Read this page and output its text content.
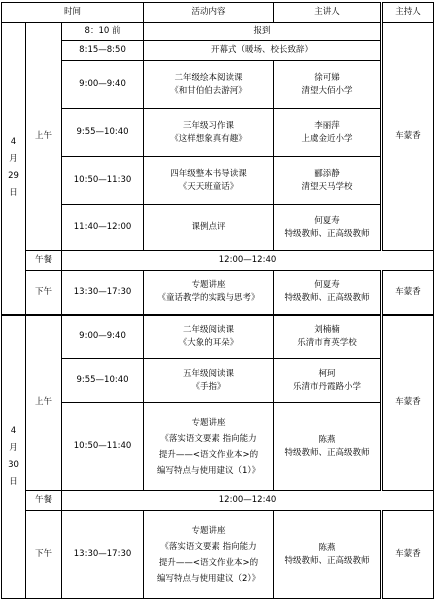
时间			活动内容	主讲人	主持人

4
月
29
日	上午	8：10 前	报到		车蒙香
		8:15—8:50	开幕式（暖场、校长致辞）		
		9:00—9:40	二年级绘本阅读课
《和甘伯伯去游河》	徐可娣
清望大佰小学	

		9:55—10:40	三年级习作课
《这样想象真有趣》	李丽萍
上虞金近小学	

		10:50—11:30	四年级整本书导读课
《天天班童话》	郦添静
清望天马学校	

		11:40—12:00	课例点评	何夏寿
特级教师、正高级教师	

	午餐	12:00—12:40			
	下午	13:30—17:30	专题讲座
《童话教学的实践与思考》	何夏寿
特级教师、正高级教师	车蒙香

4
月
30
日	上午	9:00—9:40	二年级阅读课
《大象的耳朵》	刘楠楠
乐清市育英学校	车蒙香
		9:55—10:40	五年级阅读课
《手指》	柯珂
乐清市丹霞路小学	

		10:50—11:40	专题讲座
《落实语文要素 指向能力
提升——<语文作业本>的
编写特点与使用建议（1）》	陈燕
特级教师、正高级教师	

	午餐	12:00—12:40			
	下午	13:30—17:30	专题讲座
《落实语文要素 指向能力
提升——<语文作业本>的
编写特点与使用建议（2）》	陈燕
特级教师、正高级教师	车蒙香
